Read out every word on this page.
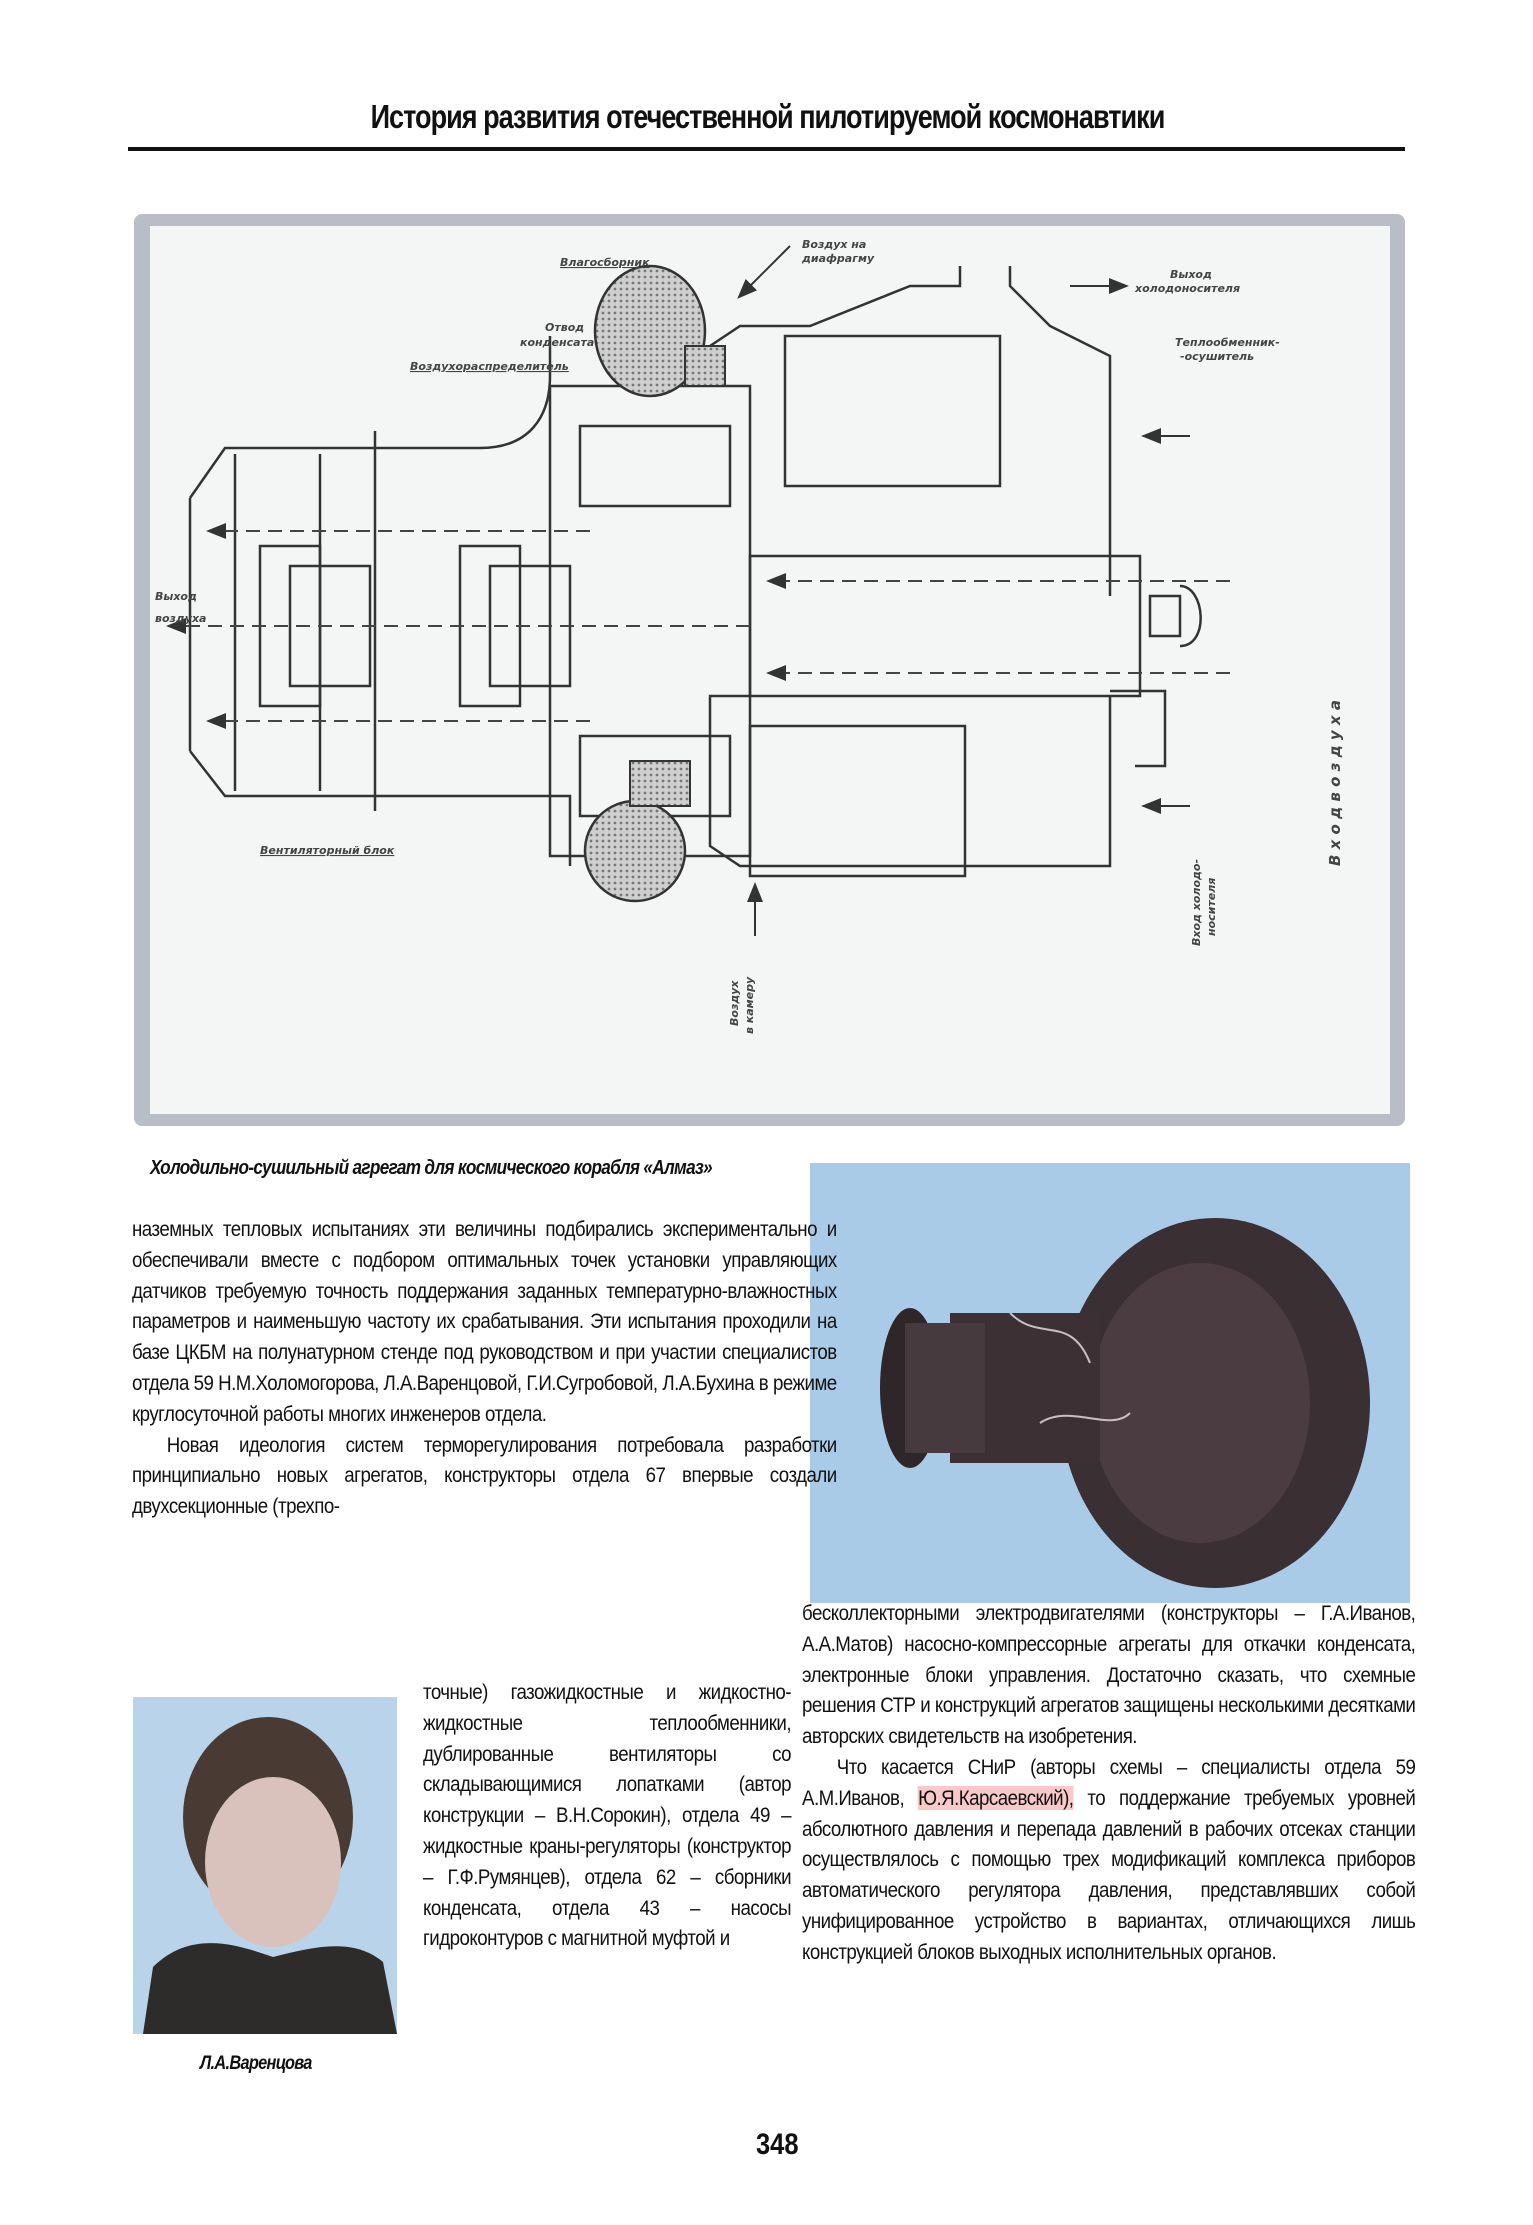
История развития отечественной пилотируемой космонавтики
Воздух на
диафрагму
Влагосборник
Выход
холодоносителя
Теплообменник-
-осушитель
Отвод
конденсата
Воздухораспределитель
Выход
воздуха
Вентиляторный блок
Воздух в камеру
Вход холодо- носителя
В х о д в о з д у х а
Холодильно-сушильный агрегат для космического корабля «Алмаз»

наземных тепловых испытаниях эти величины подбирались экспериментально и обеспечивали вместе с подбором оптимальных точек установки управляющих датчиков требуемую точность поддержания заданных температурно-влажностных параметров и наименьшую частоту их срабатывания. Эти испытания проходили на базе ЦКБМ на полунатурном стенде под руководством и при участии специалистов отдела 59 Н.М.Холомогорова, Л.А.Варенцовой, Г.И.Сугробовой, Л.А.Бухина в режиме круглосуточной работы многих инженеров отдела.

Новая идеология систем терморегулирования потребовала разработки принципиально новых агрегатов, конструкторы отдела 67 впервые создали двухсекционные (трехпо-

Л.А.Варенцова

точные) газожидкостные и жидкостно-жидкостные теплообменники, дублированные вентиляторы со складывающимися лопатками (автор конструкции – В.Н.Сорокин), отдела 49 – жидкостные краны-регуляторы (конструктор – Г.Ф.Румянцев), отдела 62 – сборники конденсата, отдела 43 – насосы гидроконтуров с магнитной муфтой и

бесколлекторными электродвигателями (конструкторы – Г.А.Иванов, А.А.Матов) насосно-компрессорные агрегаты для откачки конденсата, электронные блоки управления. Достаточно сказать, что схемные решения СТР и конструкций агрегатов защищены несколькими десятками авторских свидетельств на изобретения.

Что касается СНиР (авторы схемы – специалисты отдела 59 А.М.Иванов, Ю.Я.Карсаевский), то поддержание требуемых уровней абсолютного давления и перепада давлений в рабочих отсеках станции осуществлялось с помощью трех модификаций комплекса приборов автоматического регулятора давления, представлявших собой унифицированное устройство в вариантах, отличающихся лишь конструкцией блоков выходных исполнительных органов.

348
